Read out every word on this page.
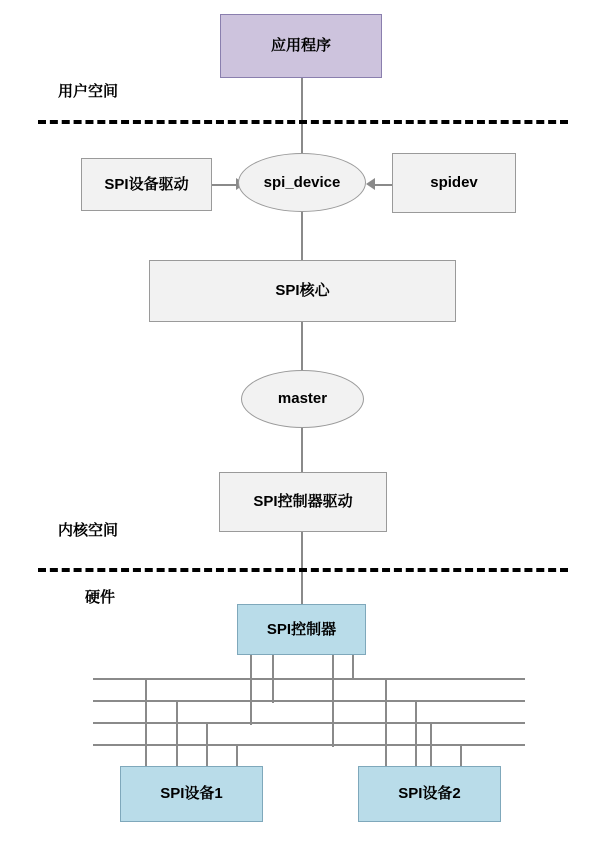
用户空间
内核空间
硬件
应用程序
SPI设备驱动	spi_device	spidev
SPI核心
master
SPI控制器驱动
SPI控制器
SPI设备1	SPI设备2
